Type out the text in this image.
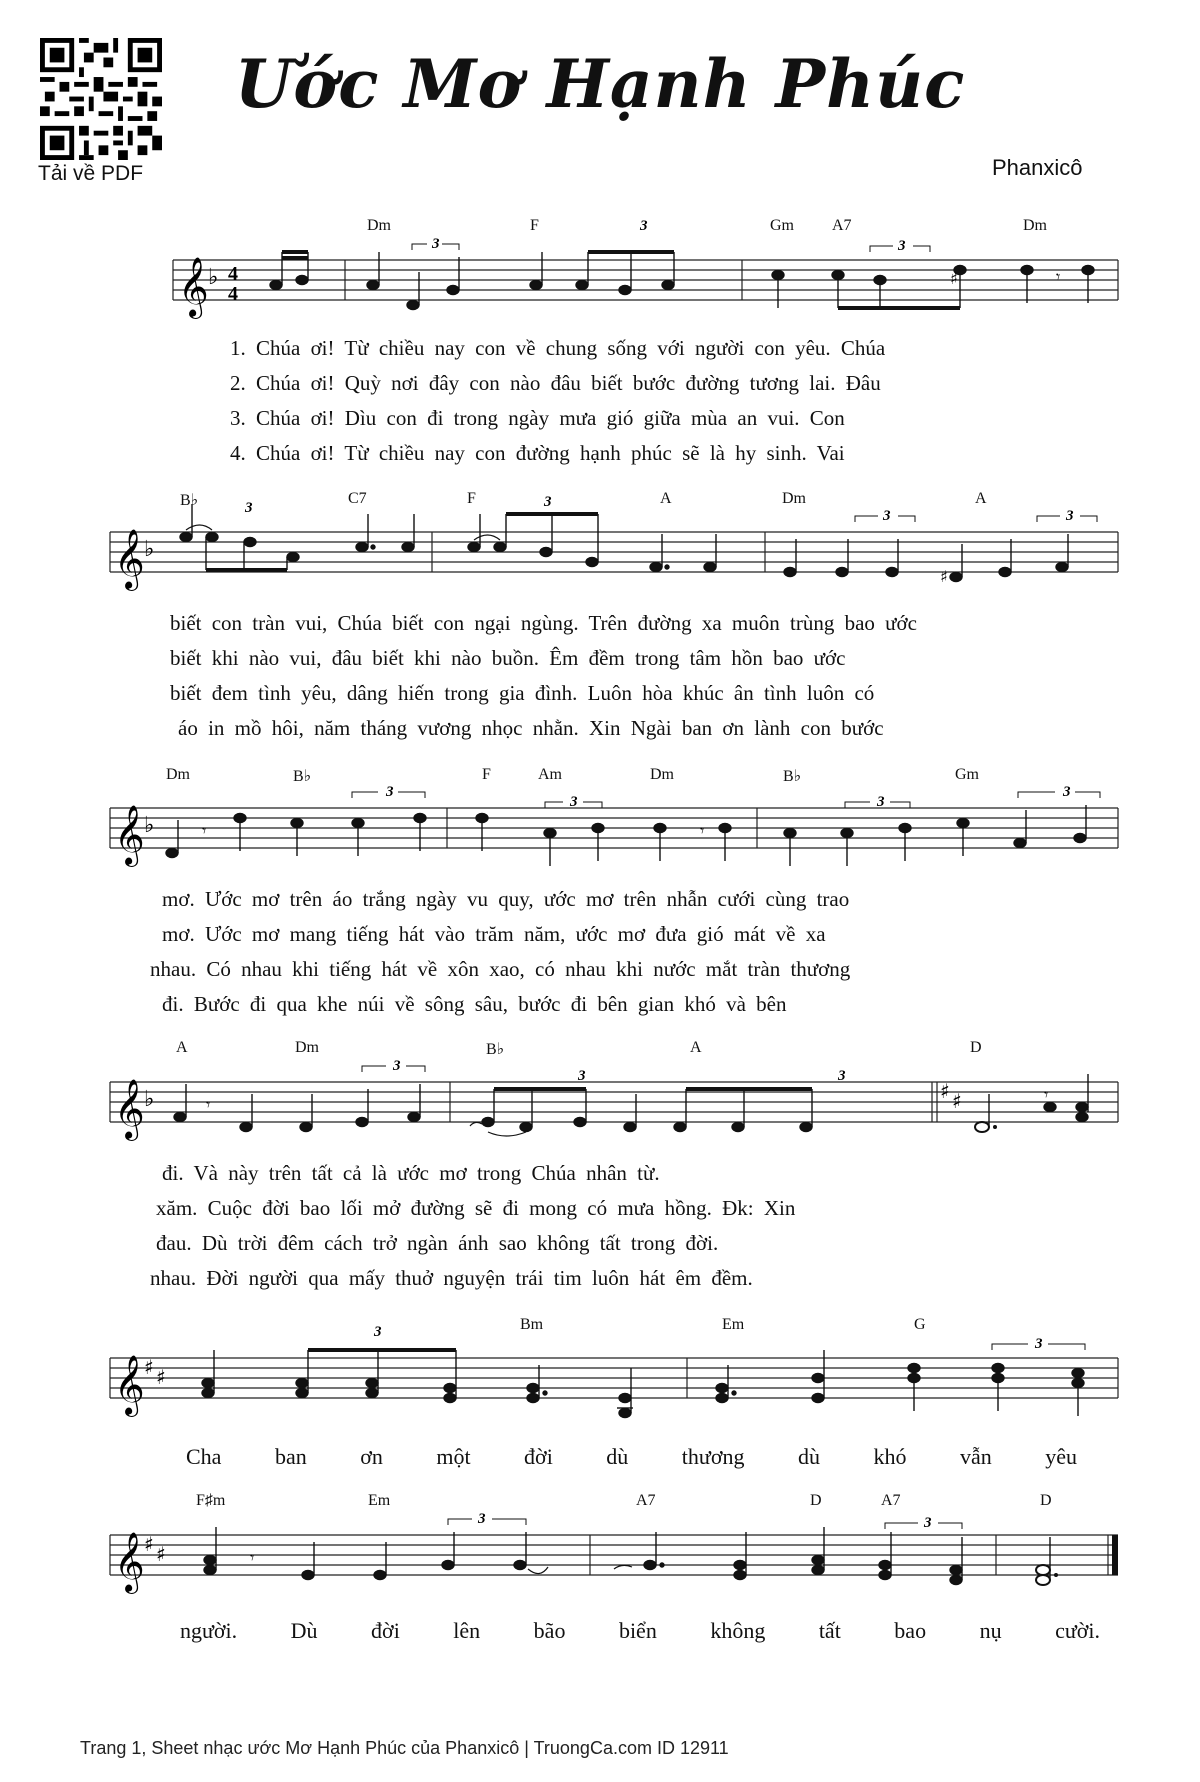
Tải về PDF
Ước Mơ Hạnh Phúc
Phanxicô
Dm	F	Gm A7	Dm
𝄞 ♭ 4
4
♯	𝄾
3
3
3
1. Chúa ơi! Từ chiều nay con về chung sống với người con yêu. Chúa
2. Chúa ơi! Quỳ nơi đây con nào đâu biết bước đường tương lai. Đâu
3. Chúa ơi! Dìu con đi trong ngày mưa gió giữa mùa an vui. Con
4. Chúa ơi! Từ chiều nay con đường hạnh phúc sẽ là hy sinh. Vai
B♭	C7	F	A	Dm	A
𝄞 ♭
♯
3	3
3	3
biết con tràn vui, Chúa biết con ngại ngùng. Trên đường xa muôn trùng bao ước
biết khi nào vui, đâu biết khi nào buồn. Êm đềm trong tâm hồn bao ước
biết đem tình yêu, dâng hiến trong gia đình. Luôn hòa khúc ân tình luôn có
áo in mồ hôi, năm tháng vương nhọc nhằn. Xin Ngài ban ơn lành con bước
Dm	B♭	F	Am	Dm	B♭	Gm
𝄞 ♭	𝄾	𝄾
3
3	3
3
mơ. Ước mơ trên áo trắng ngày vu quy, ước mơ trên nhẫn cưới cùng trao
mơ. Ước mơ mang tiếng hát vào trăm năm, ước mơ đưa gió mát về xa
nhau. Có nhau khi tiếng hát về xôn xao, có nhau khi nước mắt tràn thương
đi. Bước đi qua khe núi về sông sâu, bước đi bên gian khó và bên
A	Dm	B♭	A	D
𝄞 ♭	♯ ♯
𝄾
𝄾
3
3	3
đi. Và này trên tất cả là ước mơ trong Chúa nhân từ.
xăm. Cuộc đời bao lối mở đường sẽ đi mong có mưa hồng. Đk: Xin
đau. Dù trời đêm cách trở ngàn ánh sao không tất trong đời.
nhau. Đời người qua mấy thuở nguyện trái tim luôn hát êm đềm.
Bm	Em	G
𝄞 ♯ ♯
3
3
Cha ban ơn một đời dù thương dù khó vẫn yêu
F♯m	Em	A7	D	A7	D
𝄞 ♯ ♯	𝄾
3	3
người. Dù đời lên bão biển không tất bao nụ cười.
Trang 1, Sheet nhạc ước Mơ Hạnh Phúc của Phanxicô | TruongCa.com ID 12911
